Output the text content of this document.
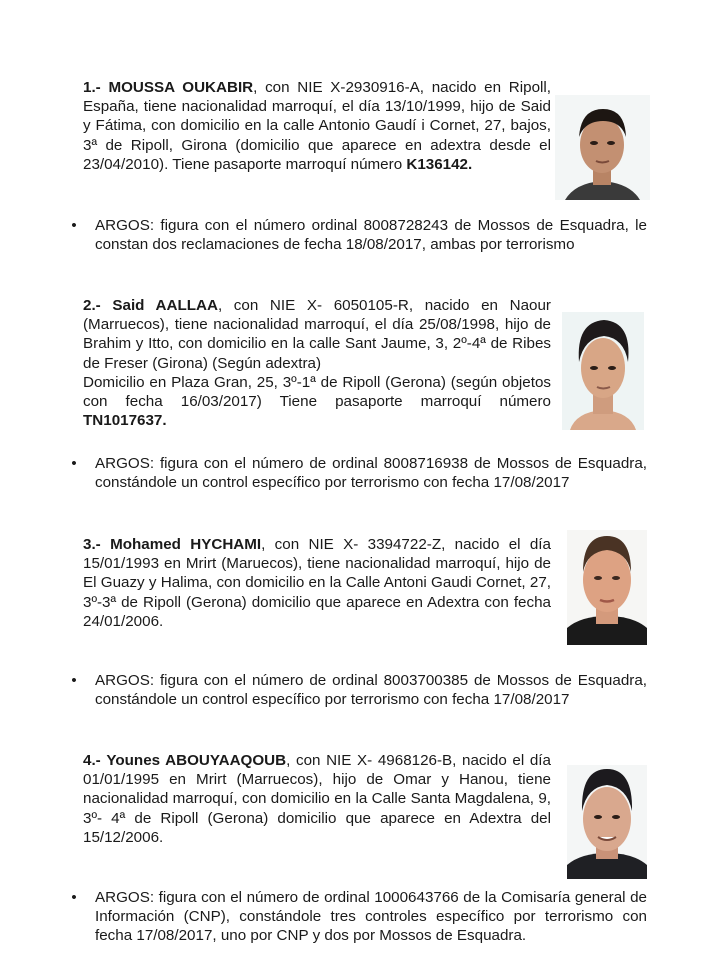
1.- MOUSSA OUKABIR, con NIE X-2930916-A, nacido en Ripoll, España, tiene nacionalidad marroquí, el día 13/10/1999, hijo de Said y Fátima, con domicilio en la calle Antonio Gaudí i Cornet, 27, bajos, 3ª de Ripoll, Girona (domicilio que aparece en adextra desde el 23/04/2010). Tiene pasaporte marroquí número K136142.
• ARGOS: figura con el número ordinal 8008728243 de Mossos de Esquadra, le constan dos reclamaciones de fecha 18/08/2017, ambas por terrorismo
2.- Said AALLAA, con NIE X- 6050105-R, nacido en Naour (Marruecos), tiene nacionalidad marroquí, el día 25/08/1998, hijo de Brahim y Itto, con domicilio en la calle Sant Jaume, 3, 2º-4ª de Ribes de Freser (Girona) (Según adextra)
Domicilio en Plaza Gran, 25, 3º-1ª de Ripoll (Gerona) (según objetos con fecha 16/03/2017) Tiene pasaporte marroquí número TN1017637.
• ARGOS: figura con el número de ordinal 8008716938 de Mossos de Esquadra, constándole un control específico por terrorismo con fecha 17/08/2017
3.- Mohamed HYCHAMI, con NIE X- 3394722-Z, nacido el día 15/01/1993 en Mrirt (Maruecos), tiene nacionalidad marroquí, hijo de El Guazy y Halima, con domicilio en la Calle Antoni Gaudi Cornet, 27, 3º-3ª de Ripoll (Gerona) domicilio que aparece en Adextra con fecha 24/01/2006.
• ARGOS: figura con el número de ordinal 8003700385 de Mossos de Esquadra, constándole un control específico por terrorismo con fecha 17/08/2017
4.- Younes ABOUYAAQOUB, con NIE X- 4968126-B, nacido el día 01/01/1995 en Mrirt (Marruecos), hijo de Omar y Hanou, tiene nacionalidad marroquí, con domicilio en la Calle Santa Magdalena, 9, 3º- 4ª de Ripoll (Gerona) domicilio que aparece en Adextra del 15/12/2006.
• ARGOS: figura con el número de ordinal 1000643766 de la Comisaría general de Información (CNP), constándole tres controles específico por terrorismo con fecha 17/08/2017, uno por CNP y dos por Mossos de Esquadra.
